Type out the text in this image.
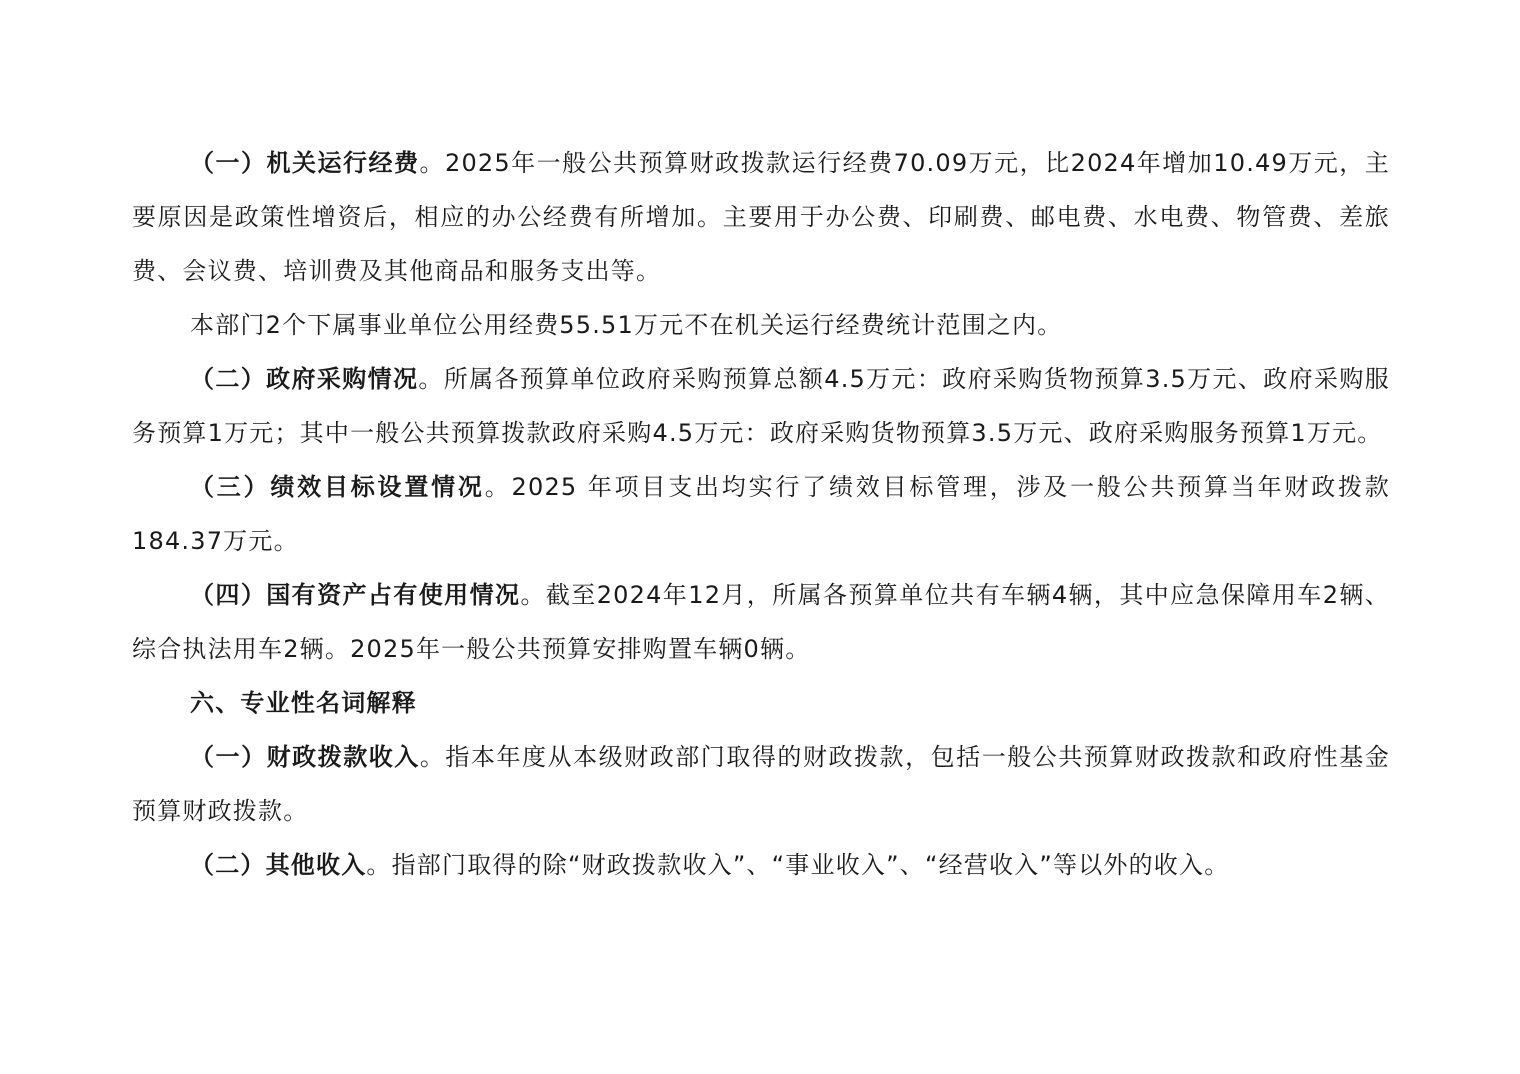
（一）机关运行经费。2025年一般公共预算财政拨款运行经费70.09万元，比2024年增加10.49万元，主要原因是政策性增资后，相应的办公经费有所增加。主要用于办公费、印刷费、邮电费、水电费、物管费、差旅费、会议费、培训费及其他商品和服务支出等。

本部门2个下属事业单位公用经费55.51万元不在机关运行经费统计范围之内。

（二）政府采购情况。所属各预算单位政府采购预算总额4.5万元：政府采购货物预算3.5万元、政府采购服务预算1万元；其中一般公共预算拨款政府采购4.5万元：政府采购货物预算3.5万元、政府采购服务预算1万元。

（三）绩效目标设置情况。2025 年项目支出均实行了绩效目标管理，涉及一般公共预算当年财政拨款184.37万元。

（四）国有资产占有使用情况。截至2024年12月，所属各预算单位共有车辆4辆，其中应急保障用车2辆、综合执法用车2辆。2025年一般公共预算安排购置车辆0辆。

六、专业性名词解释

（一）财政拨款收入。指本年度从本级财政部门取得的财政拨款，包括一般公共预算财政拨款和政府性基金预算财政拨款。

（二）其他收入。指部门取得的除“财政拨款收入”、“事业收入”、“经营收入”等以外的收入。
